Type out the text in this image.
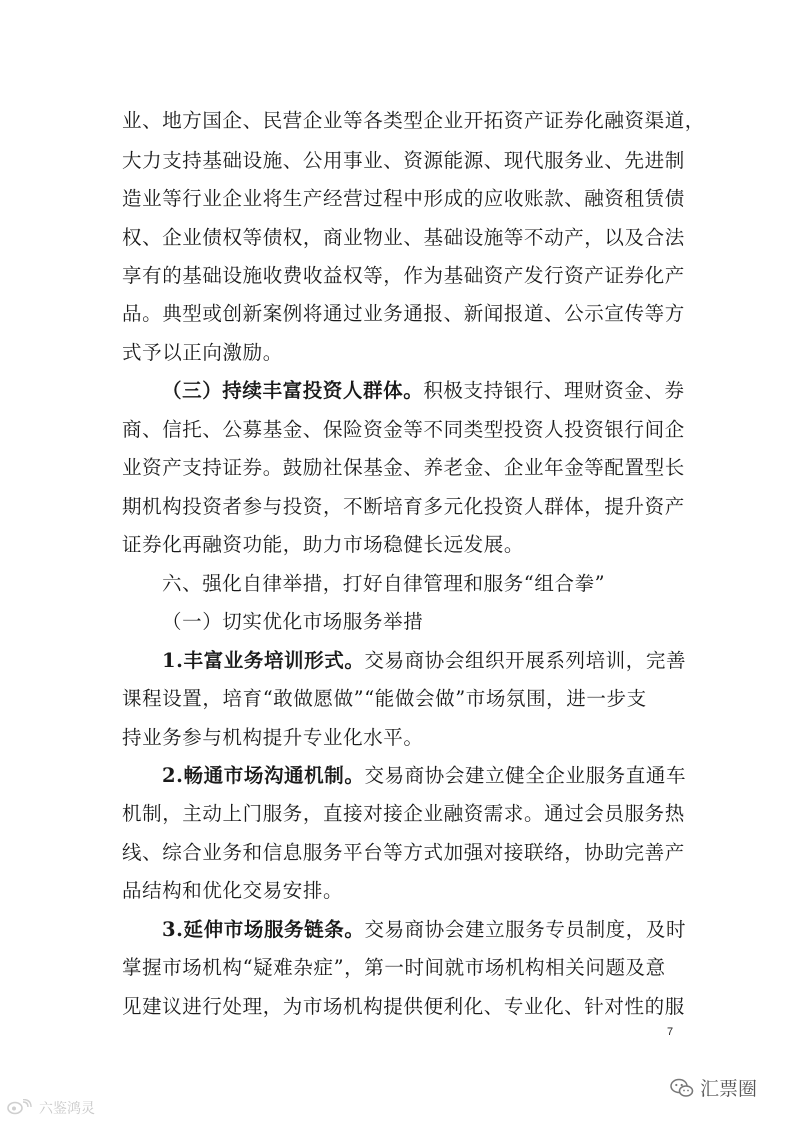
业、地方国企、民营企业等各类型企业开拓资产证券化融资渠道，
大力支持基础设施、公用事业、资源能源、现代服务业、先进制
造业等行业企业将生产经营过程中形成的应收账款、融资租赁债
权、企业债权等债权，商业物业、基础设施等不动产，以及合法
享有的基础设施收费收益权等，作为基础资产发行资产证券化产
品。典型或创新案例将通过业务通报、新闻报道、公示宣传等方
式予以正向激励。
（三）持续丰富投资人群体。积极支持银行、理财资金、券
商、信托、公募基金、保险资金等不同类型投资人投资银行间企
业资产支持证券。鼓励社保基金、养老金、企业年金等配置型长
期机构投资者参与投资，不断培育多元化投资人群体，提升资产
证券化再融资功能，助力市场稳健长远发展。
六、强化自律举措，打好自律管理和服务“组合拳”
（一）切实优化市场服务举措
1.丰富业务培训形式。交易商协会组织开展系列培训，完善
课程设置，培育“敢做愿做”“能做会做”市场氛围，进一步支
持业务参与机构提升专业化水平。
2.畅通市场沟通机制。交易商协会建立健全企业服务直通车
机制，主动上门服务，直接对接企业融资需求。通过会员服务热
线、综合业务和信息服务平台等方式加强对接联络，协助完善产
品结构和优化交易安排。
3.延伸市场服务链条。交易商协会建立服务专员制度，及时
掌握市场机构“疑难杂症”，第一时间就市场机构相关问题及意
见建议进行处理，为市场机构提供便利化、专业化、针对性的服
7
六鉴鸿灵
汇票圈
